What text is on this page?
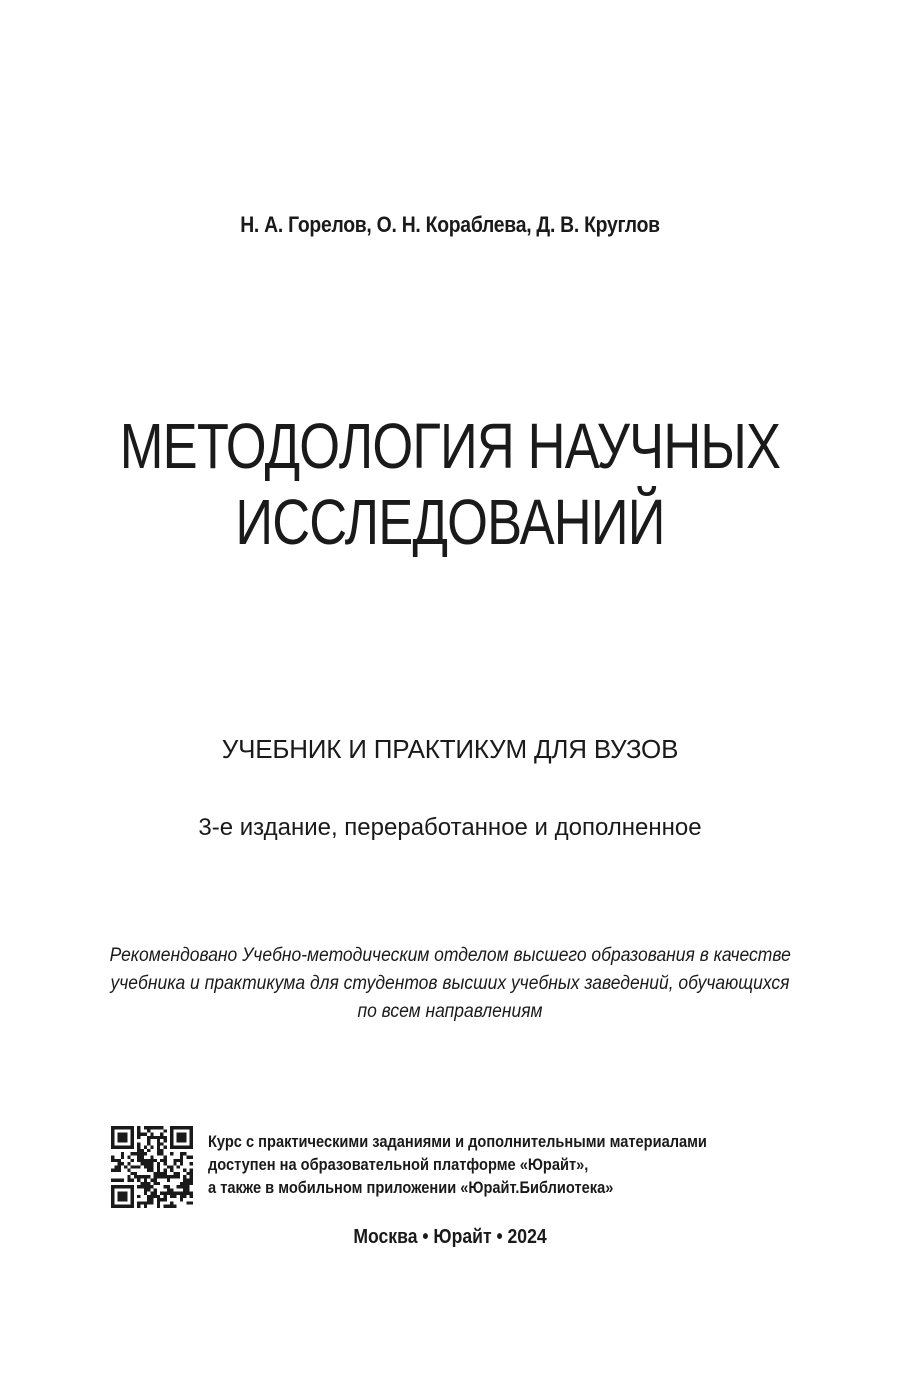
Н. А. Горелов, О. Н. Кораблева, Д. В. Круглов
МЕТОДОЛОГИЯ НАУЧНЫХ
ИССЛЕДОВАНИЙ
УЧЕБНИК И ПРАКТИКУМ ДЛЯ ВУЗОВ
3-е издание, переработанное и дополненное
Рекомендовано Учебно-методическим отделом высшего образования в качестве
учебника и практикума для студентов высших учебных заведений, обучающихся
по всем направлениям
Курс с практическими заданиями и дополнительными материалами
доступен на образовательной платформе «Юрайт»,
а также в мобильном приложении «Юрайт.Библиотека»
Москва • Юрайт • 2024
